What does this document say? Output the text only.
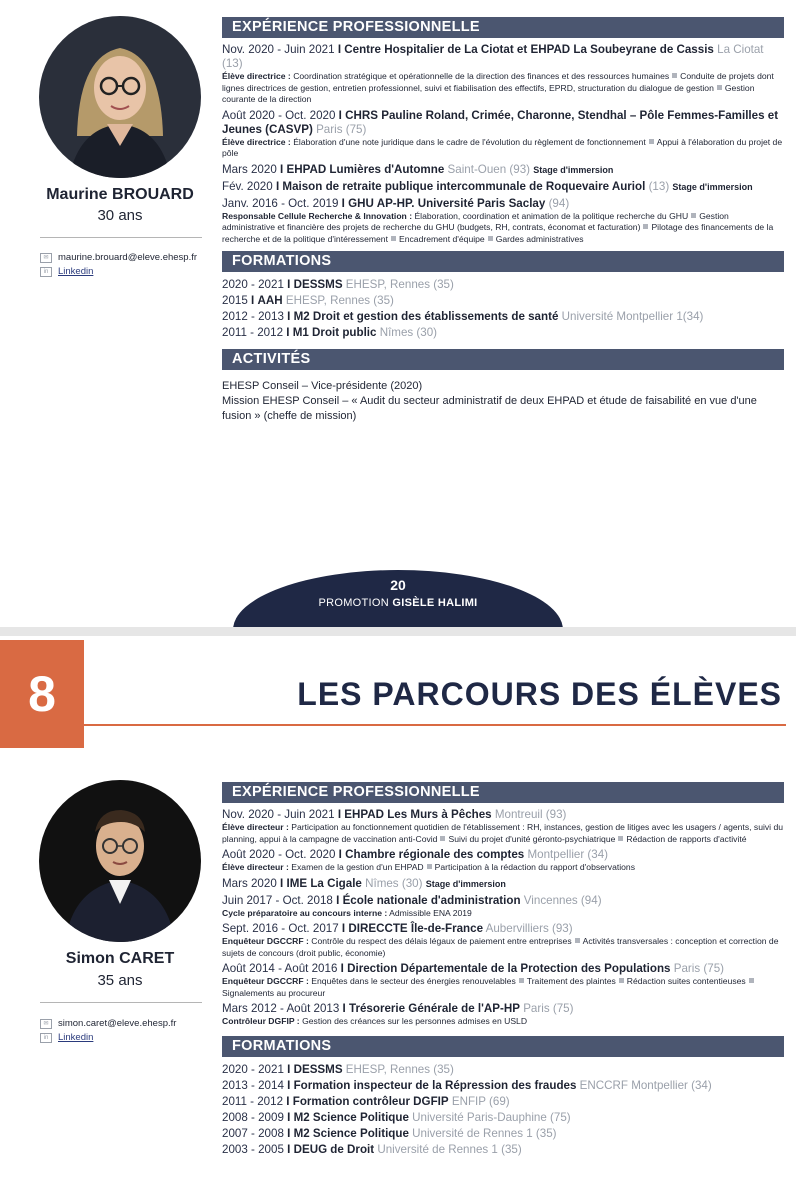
Maurine BROUARD
30 ans
✉ maurine.brouard@eleve.ehesp.fr
in	Linkedin
EXPÉRIENCE PROFESSIONNELLE
Nov. 2020 - Juin 2021 I Centre Hospitalier de La Ciotat et EHPAD La Soubeyrane de Cassis La Ciotat (13)
Élève directrice : Coordination stratégique et opérationnelle de la direction des finances et des ressources humaines Conduite de projets dont lignes directrices de gestion, entretien professionnel, suivi et fiabilisation des effectifs, EPRD, structuration du dialogue de gestion Gestion courante de la direction
Août 2020 - Oct. 2020 I CHRS Pauline Roland, Crimée, Charonne, Stendhal – Pôle Femmes-Familles et Jeunes (CASVP) Paris (75)
Élève directrice : Élaboration d'une note juridique dans le cadre de l'évolution du règlement de fonctionnement Appui à l'élaboration du projet de pôle
Mars 2020 I EHPAD Lumières d'Automne Saint-Ouen (93) Stage d'immersion
Fév. 2020 I Maison de retraite publique intercommunale de Roquevaire Auriol (13) Stage d'immersion
Janv. 2016 - Oct. 2019 I GHU AP-HP. Université Paris Saclay (94)
Responsable Cellule Recherche & Innovation : Élaboration, coordination et animation de la politique recherche du GHU Gestion administrative et financière des projets de recherche du GHU (budgets, RH, contrats, économat et facturation) Pilotage des financements de la recherche et de la politique d'intéressement Encadrement d'équipe Gardes administratives
FORMATIONS
2020 - 2021 I DESSMS EHESP, Rennes (35)
2015 I AAH EHESP, Rennes (35)
2012 - 2013 I M2 Droit et gestion des établissements de santé Université Montpellier 1(34)
2011 - 2012 I M1 Droit public Nîmes (30)
ACTIVITÉS
EHESP Conseil – Vice-présidente (2020)
Mission EHESP Conseil – « Audit du secteur administratif de deux EHPAD et étude de faisabilité en vue d'une fusion » (cheffe de mission)
20
PROMOTION GISÈLE HALIMI
8	LES PARCOURS DES ÉLÈVES
Simon CARET
35 ans
✉ simon.caret@eleve.ehesp.fr
in	Linkedin
EXPÉRIENCE PROFESSIONNELLE
Nov. 2020 - Juin 2021 I EHPAD Les Murs à Pêches Montreuil (93)
Élève directeur : Participation au fonctionnement quotidien de l'établissement : RH, instances, gestion de litiges avec les usagers / agents, suivi du planning, appui à la campagne de vaccination anti-Covid Suivi du projet d'unité géronto-psychiatrique Rédaction de rapports d'activité
Août 2020 - Oct. 2020 I Chambre régionale des comptes Montpellier (34)
Élève directeur : Examen de la gestion d'un EHPAD Participation à la rédaction du rapport d'observations
Mars 2020 I IME La Cigale Nîmes (30) Stage d'immersion
Juin 2017 - Oct. 2018 I École nationale d'administration Vincennes (94)
Cycle préparatoire au concours interne : Admissible ENA 2019
Sept. 2016 - Oct. 2017 I DIRECCTE Île-de-France Aubervilliers (93)
Enquêteur DGCCRF : Contrôle du respect des délais légaux de paiement entre entreprises Activités transversales : conception et correction de sujets de concours (droit public, économie)
Août 2014 - Août 2016 I Direction Départementale de la Protection des Populations Paris (75)
Enquêteur DGCCRF : Enquêtes dans le secteur des énergies renouvelables Traitement des plaintes Rédaction suites contentieusesSignalements au procureur
Mars 2012 - Août 2013 I Trésorerie Générale de l'AP-HP Paris (75)
Contrôleur DGFIP : Gestion des créances sur les personnes admises en USLD
FORMATIONS
2020 - 2021 I DESSMS EHESP, Rennes (35)
2013 - 2014 I Formation inspecteur de la Répression des fraudes ENCCRF Montpellier (34)
2011 - 2012 I Formation contrôleur DGFIP ENFIP (69)
2008 - 2009 I M2 Science Politique Université Paris-Dauphine (75)
2007 - 2008 I M2 Science Politique Université de Rennes 1 (35)
2003 - 2005 I DEUG de Droit Université de Rennes 1 (35)
